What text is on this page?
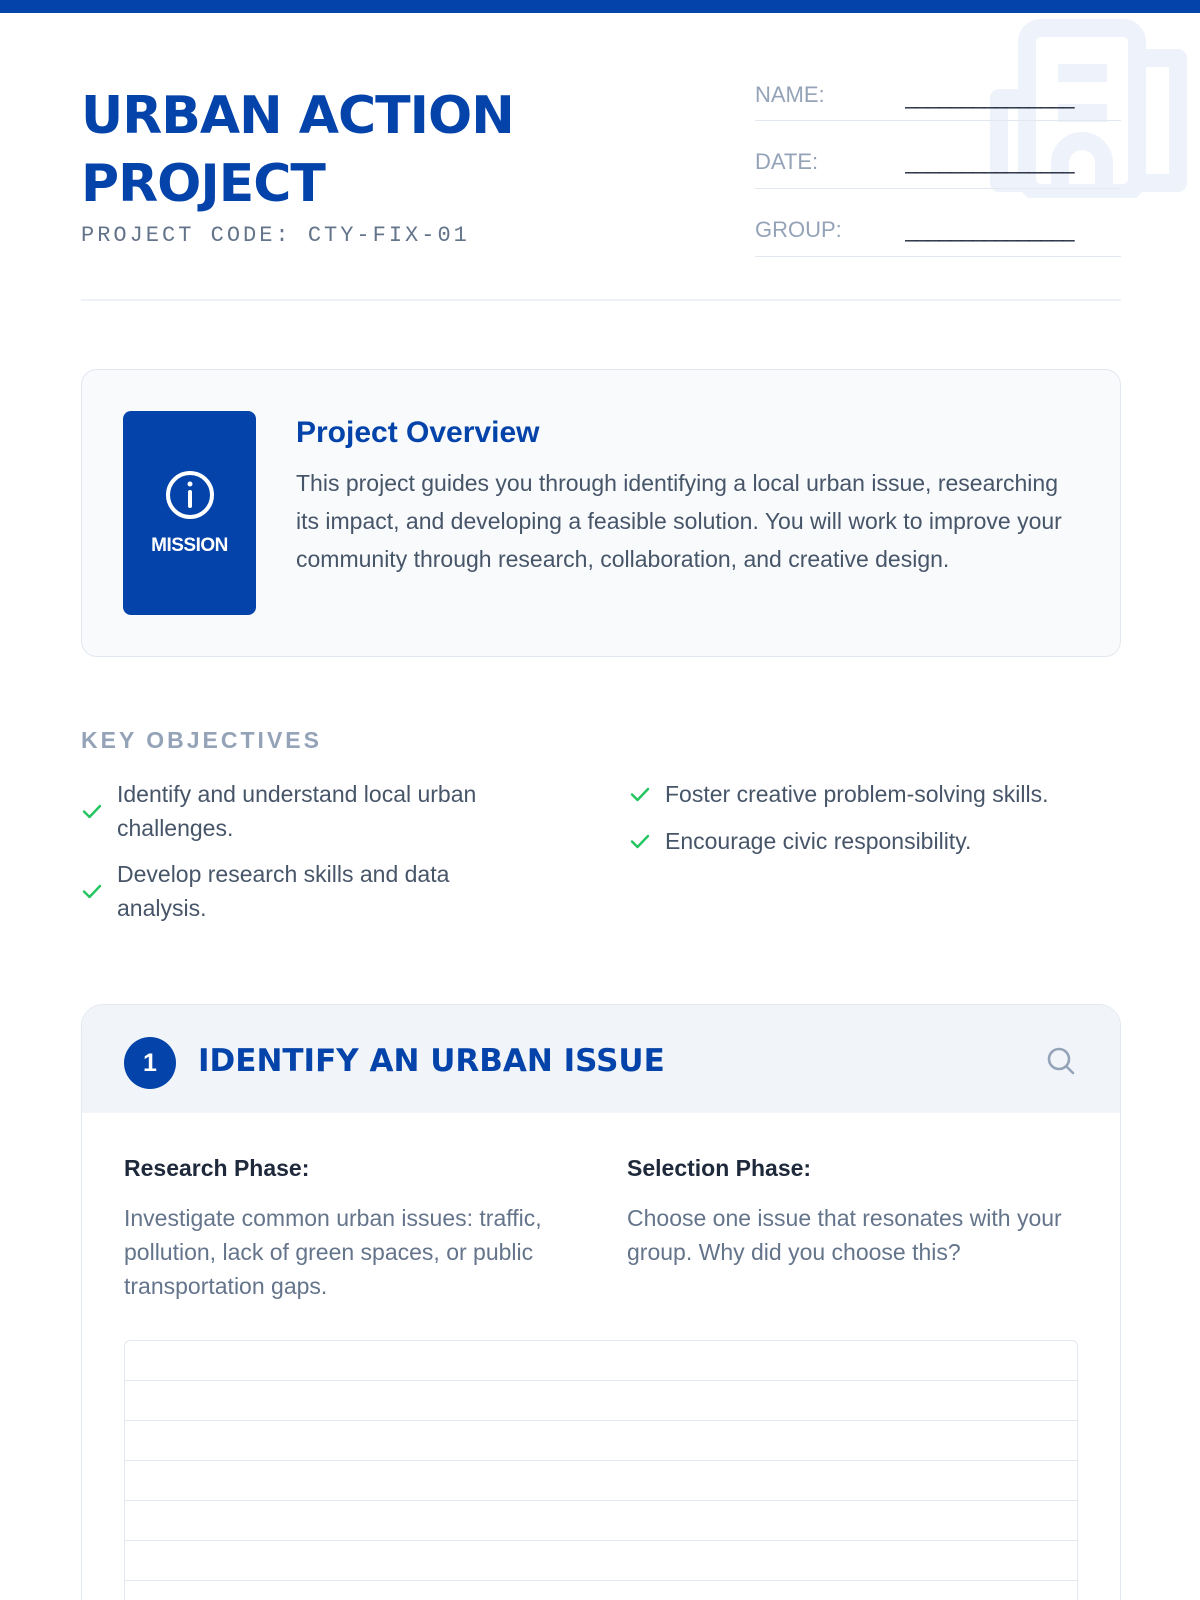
URBAN ACTION
PROJECT
PROJECT CODE: CTY-FIX-01
NAME:	_______________
DATE:	_______________
GROUP:	_______________
MISSION
Project Overview
This project guides you through identifying a local urban issue, researching its impact, and developing a feasible solution. You will work to improve your community through research, collaboration, and creative design.
KEY OBJECTIVES
Identify and understand local urban challenges.
Develop research skills and data analysis.
Foster creative problem-solving skills.
Encourage civic responsibility.
1	IDENTIFY AN URBAN ISSUE
Research Phase:
Investigate common urban issues: traffic, pollution, lack of green spaces, or public transportation gaps.
Selection Phase:
Choose one issue that resonates with your group. Why did you choose this?
